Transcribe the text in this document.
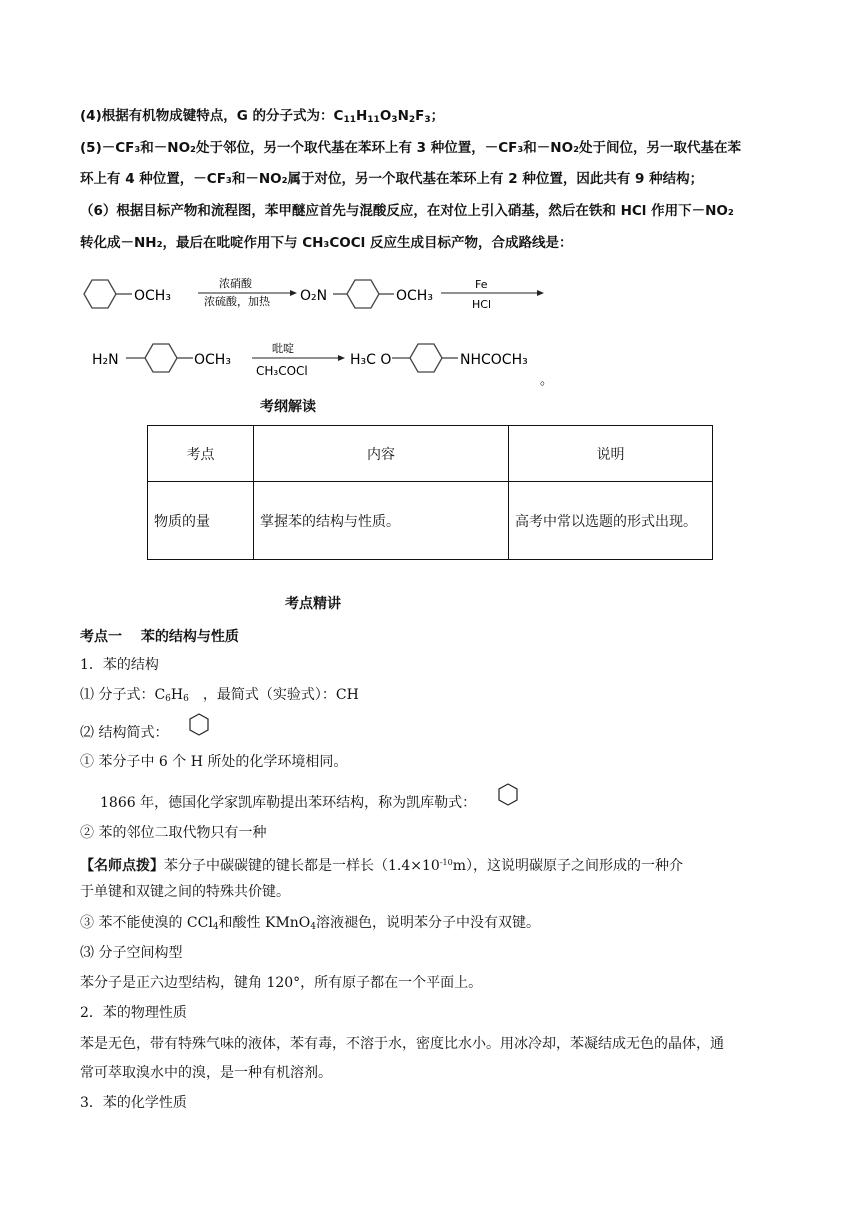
(4)根据有机物成键特点，G 的分子式为：$C_{11}H_{11}O_3N_2F_3$；
(5)－CF₃和－NO₂处于邻位，另一个取代基在苯环上有 3 种位置，－CF₃和－NO₂处于间位，另一取代基在苯
环上有 4 种位置，－CF₃和－NO₂属于对位，另一个取代基在苯环上有 2 种位置，因此共有 9 种结构；
（6）根据目标产物和流程图，苯甲醚应首先与混酸反应，在对位上引入硝基，然后在铁和 HCl 作用下－NO₂
转化成－NH₂，最后在吡啶作用下与 CH₃COCl 反应生成目标产物，合成路线是：
OCH₃
浓硝酸
浓硫酸，加热 O₂N	OCH₃
Fe
HCl
H₂N	OCH₃
吡啶
CH₃COCl
H₃C O	NHCOCH₃
。
考纲解读
考点	内容	说明
物质的量	掌握苯的结构与性质。	高考中常以选题的形式出现。
考点精讲
考点一　 苯的结构与性质
1．苯的结构
⑴ 分子式：$C_6H_6$　，最简式（实验式）：CH
⑵ 结构简式：
① 苯分子中 6 个 H 所处的化学环境相同。
1866 年，德国化学家凯库勒提出苯环结构，称为凯库勒式：
② 苯的邻位二取代物只有一种
【名师点拨】苯分子中碳碳键的键长都是一样长$(1.4\times 10^{-10}m)$，这说明碳原子之间形成的一种介
于单键和双键之间的特殊共价键。
③ 苯不能使溴的 CCl$_4$和酸性 KMnO$_4$溶液褪色，说明苯分子中没有双键。
⑶ 分子空间构型
苯分子是正六边型结构，键角 120°，所有原子都在一个平面上。
2．苯的物理性质
苯是无色，带有特殊气味的液体，苯有毒，不溶于水，密度比水小。用冰冷却，苯凝结成无色的晶体，通
常可萃取溴水中的溴，是一种有机溶剂。
3．苯的化学性质
